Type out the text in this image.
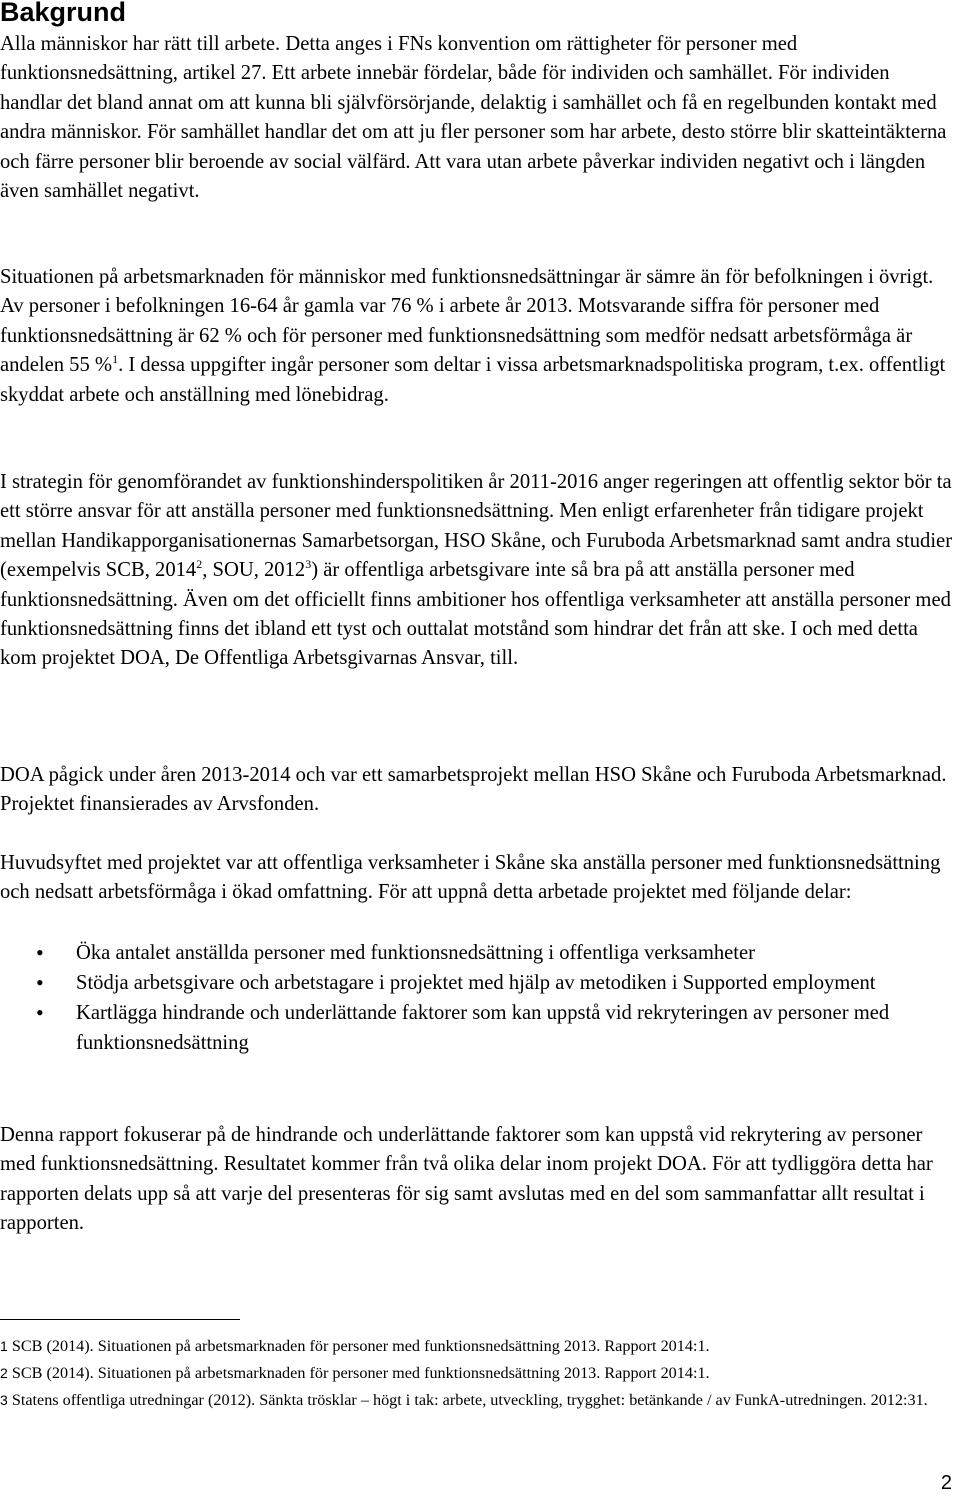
Bakgrund

Alla människor har rätt till arbete. Detta anges i FNs konvention om rättigheter för personer med funktionsnedsättning, artikel 27. Ett arbete innebär fördelar, både för individen och samhället. För individen handlar det bland annat om att kunna bli självförsörjande, delaktig i samhället och få en regelbunden kontakt med andra människor. För samhället handlar det om att ju fler personer som har arbete, desto större blir skatteintäkterna och färre personer blir beroende av social välfärd. Att vara utan arbete påverkar individen negativt och i längden även samhället negativt.

Situationen på arbetsmarknaden för människor med funktionsnedsättningar är sämre än för befolkningen i övrigt. Av personer i befolkningen 16-64 år gamla var 76 % i arbete år 2013. Motsvarande siffra för personer med funktionsnedsättning är 62 % och för personer med funktionsnedsättning som medför nedsatt arbetsförmåga är andelen 55 %$^1$. I dessa uppgifter ingår personer som deltar i vissa arbetsmarknadspolitiska program, t.ex. offentligt skyddat arbete och anställning med lönebidrag.

I strategin för genomförandet av funktionshinderspolitiken år 2011-2016 anger regeringen att offentlig sektor bör ta ett större ansvar för att anställa personer med funktionsnedsättning. Men enligt erfarenheter från tidigare projekt mellan Handikapporganisationernas Samarbetsorgan, HSO Skåne, och Furuboda Arbetsmarknad samt andra studier (exempelvis SCB, 2014$^2$, SOU, 2012$^3$) är offentliga arbetsgivare inte så bra på att anställa personer med funktionsnedsättning. Även om det officiellt finns ambitioner hos offentliga verksamheter att anställa personer med funktionsnedsättning finns det ibland ett tyst och outtalat motstånd som hindrar det från att ske. I och med detta kom projektet DOA, De Offentliga Arbetsgivarnas Ansvar, till.

DOA pågick under åren 2013-2014 och var ett samarbetsprojekt mellan HSO Skåne och Furuboda Arbetsmarknad. Projektet finansierades av Arvsfonden.

Huvudsyftet med projektet var att offentliga verksamheter i Skåne ska anställa personer med funktionsnedsättning och nedsatt arbetsförmåga i ökad omfattning. För att uppnå detta arbetade projektet med följande delar:

• Öka antalet anställda personer med funktionsnedsättning i offentliga verksamheter
• Stödja arbetsgivare och arbetstagare i projektet med hjälp av metodiken i Supported employment
• Kartlägga hindrande och underlättande faktorer som kan uppstå vid rekryteringen av personer med funktionsnedsättning

Denna rapport fokuserar på de hindrande och underlättande faktorer som kan uppstå vid rekrytering av personer med funktionsnedsättning. Resultatet kommer från två olika delar inom projekt DOA. För att tydliggöra detta har rapporten delats upp så att varje del presenteras för sig samt avslutas med en del som sammanfattar allt resultat i rapporten.

1 SCB (2014). Situationen på arbetsmarknaden för personer med funktionsnedsättning 2013. Rapport 2014:1.

2 SCB (2014). Situationen på arbetsmarknaden för personer med funktionsnedsättning 2013. Rapport 2014:1.

3 Statens offentliga utredningar (2012). Sänkta trösklar – högt i tak: arbete, utveckling, trygghet: betänkande / av FunkA-utredningen. 2012:31.

2
